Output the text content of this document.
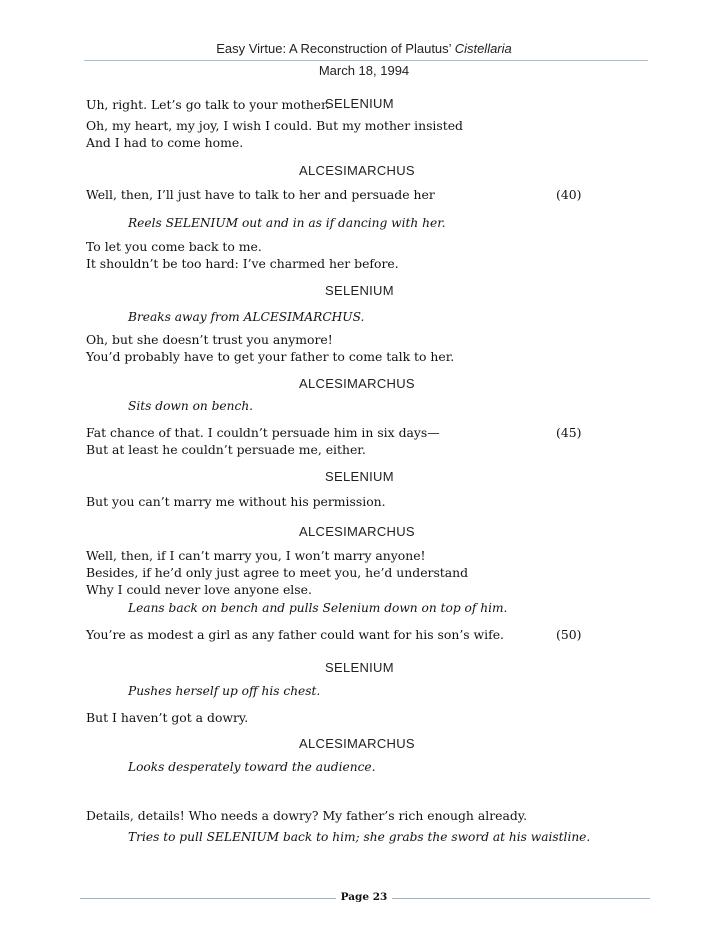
Easy Virtue: A Reconstruction of Plautus’ Cistellaria
March 18, 1994
SELENIUM
Oh, my heart, my joy, I wish I could. But my mother insisted
And I had to come home.
ALCESIMARCHUS
Well, then, I’ll just have to talk to her and persuade her	(40)
Reels SELENIUM out and in as if dancing with her.
To let you come back to me.
It shouldn’t be too hard: I’ve charmed her before.
SELENIUM
Breaks away from ALCESIMARCHUS.
Oh, but she doesn’t trust you anymore!
You’d probably have to get your father to come talk to her.
ALCESIMARCHUS
Sits down on bench.
Fat chance of that. I couldn’t persuade him in six days—	(45)
But at least he couldn’t persuade me, either.
SELENIUM
But you can’t marry me without his permission.
ALCESIMARCHUS
Well, then, if I can’t marry you, I won’t marry anyone!
Besides, if he’d only just agree to meet you, he’d understand
Why I could never love anyone else.
Leans back on bench and pulls Selenium down on top of him.
You’re as modest a girl as any father could want for his son’s wife.	(50)
SELENIUM
Pushes herself up off his chest.
But I haven’t got a dowry.
ALCESIMARCHUS
Looks desperately toward the audience.
Details, details! Who needs a dowry? My father’s rich enough already.
Tries to pull SELENIUM back to him; she grabs the sword at his waistline.
Uh, right. Let’s go talk to your mother.
Page 23
